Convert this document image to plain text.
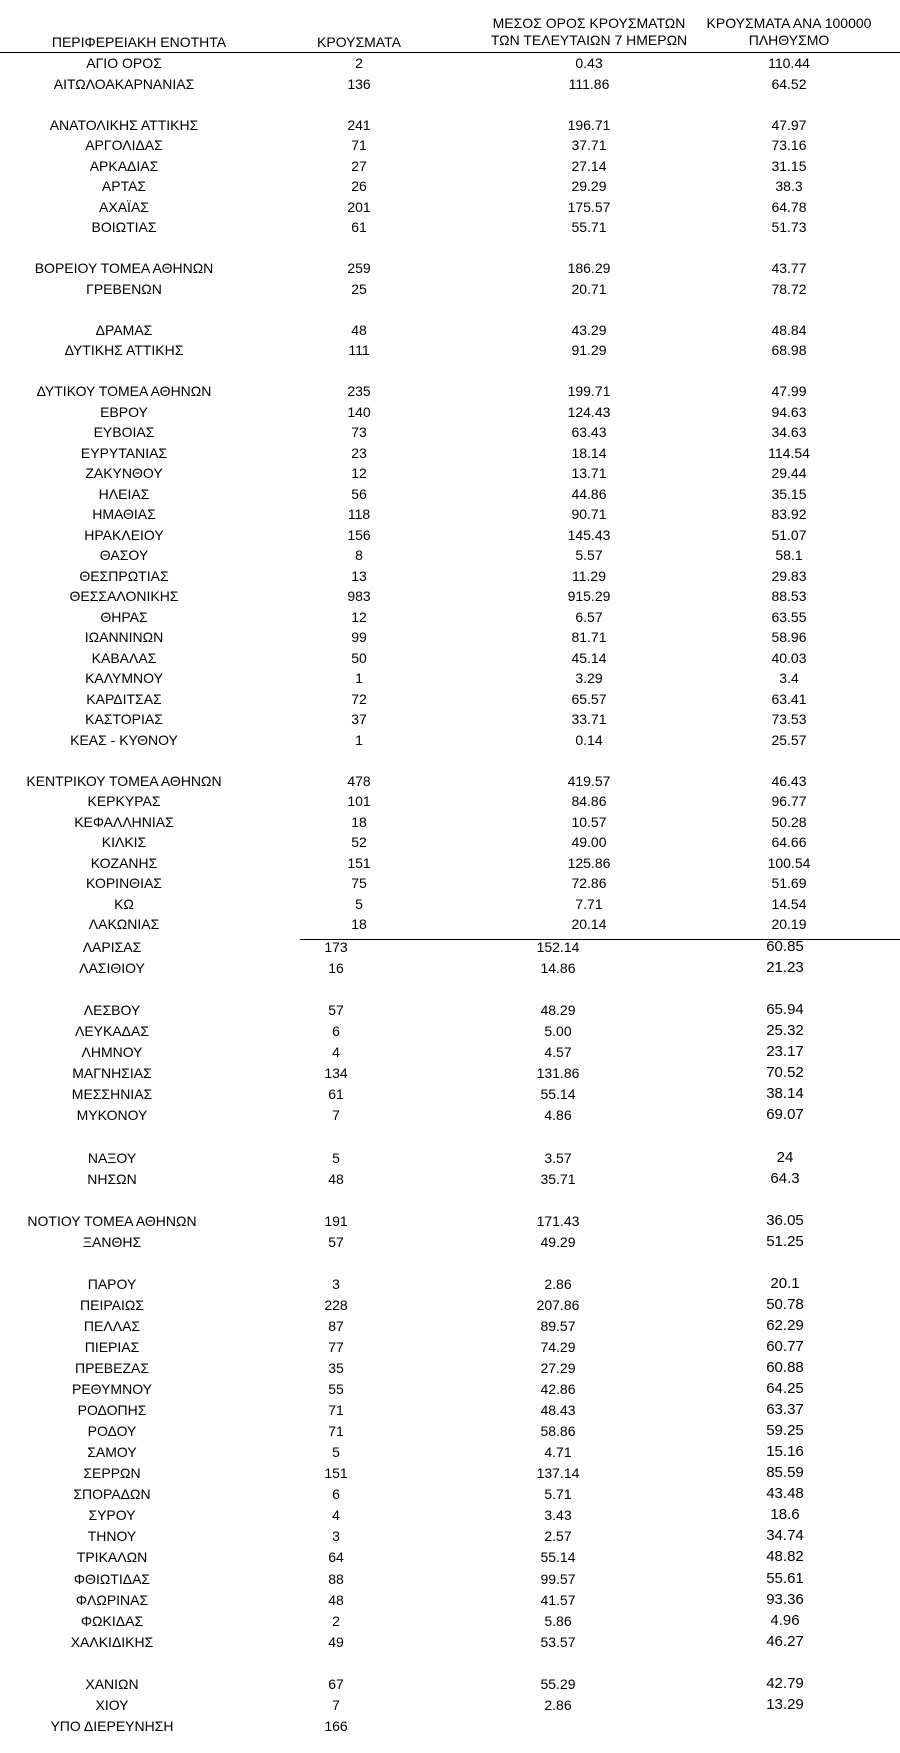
ΠΕΡΙΦΕΡΕΙΑΚΗ ΕΝΟΤΗΤΑ	ΚΡΟΥΣΜΑΤΑ
ΜΕΣΟΣ ΟΡΟΣ ΚΡΟΥΣΜΑΤΩΝ
ΤΩΝ ΤΕΛΕΥΤΑΙΩΝ 7 ΗΜΕΡΩΝ
ΚΡΟΥΣΜΑΤΑ ΑΝΑ 100000
ΠΛΗΘΥΣΜΟ
ΑΓΙΟ ΟΡΟΣ	2	0.43	110.44
ΑΙΤΩΛΟΑΚΑΡΝΑΝΙΑΣ	136	111.86	64.52
ΑΝΑΤΟΛΙΚΗΣ ΑΤΤΙΚΗΣ	241	196.71	47.97
ΑΡΓΟΛΙΔΑΣ	71	37.71	73.16
ΑΡΚΑΔΙΑΣ	27	27.14	31.15
ΑΡΤΑΣ	26	29.29	38.3
ΑΧΑΪΑΣ	201	175.57	64.78
ΒΟΙΩΤΙΑΣ	61	55.71	51.73
ΒΟΡΕΙΟΥ ΤΟΜΕΑ ΑΘΗΝΩΝ	259	186.29	43.77
ΓΡΕΒΕΝΩΝ	25	20.71	78.72
ΔΡΑΜΑΣ	48	43.29	48.84
ΔΥΤΙΚΗΣ ΑΤΤΙΚΗΣ	111	91.29	68.98
ΔΥΤΙΚΟΥ ΤΟΜΕΑ ΑΘΗΝΩΝ	235	199.71	47.99
ΕΒΡΟΥ	140	124.43	94.63
ΕΥΒΟΙΑΣ	73	63.43	34.63
ΕΥΡΥΤΑΝΙΑΣ	23	18.14	114.54
ΖΑΚΥΝΘΟΥ	12	13.71	29.44
ΗΛΕΙΑΣ	56	44.86	35.15
ΗΜΑΘΙΑΣ	118	90.71	83.92
ΗΡΑΚΛΕΙΟΥ	156	145.43	51.07
ΘΑΣΟΥ	8	5.57	58.1
ΘΕΣΠΡΩΤΙΑΣ	13	11.29	29.83
ΘΕΣΣΑΛΟΝΙΚΗΣ	983	915.29	88.53
ΘΗΡΑΣ	12	6.57	63.55
ΙΩΑΝΝΙΝΩΝ	99	81.71	58.96
ΚΑΒΑΛΑΣ	50	45.14	40.03
ΚΑΛΥΜΝΟΥ	1	3.29	3.4
ΚΑΡΔΙΤΣΑΣ	72	65.57	63.41
ΚΑΣΤΟΡΙΑΣ	37	33.71	73.53
ΚΕΑΣ - ΚΥΘΝΟΥ	1	0.14	25.57
ΚΕΝΤΡΙΚΟΥ ΤΟΜΕΑ ΑΘΗΝΩΝ	478	419.57	46.43
ΚΕΡΚΥΡΑΣ	101	84.86	96.77
ΚΕΦΑΛΛΗΝΙΑΣ	18	10.57	50.28
ΚΙΛΚΙΣ	52	49.00	64.66
ΚΟΖΑΝΗΣ	151	125.86	100.54
ΚΟΡΙΝΘΙΑΣ	75	72.86	51.69
ΚΩ	5	7.71	14.54
ΛΑΚΩΝΙΑΣ	18	20.14	20.19
ΛΑΡΙΣΑΣ	173	152.14	60.85
ΛΑΣΙΘΙΟΥ	16	14.86	21.23
ΛΕΣΒΟΥ	57	48.29	65.94
ΛΕΥΚΑΔΑΣ	6	5.00	25.32
ΛΗΜΝΟΥ	4	4.57	23.17
ΜΑΓΝΗΣΙΑΣ	134	131.86	70.52
ΜΕΣΣΗΝΙΑΣ	61	55.14	38.14
ΜΥΚΟΝΟΥ	7	4.86	69.07
ΝΑΞΟΥ	5	3.57	24
ΝΗΣΩΝ	48	35.71	64.3
ΝΟΤΙΟΥ ΤΟΜΕΑ ΑΘΗΝΩΝ	191	171.43	36.05
ΞΑΝΘΗΣ	57	49.29	51.25
ΠΑΡΟΥ	3	2.86	20.1
ΠΕΙΡΑΙΩΣ	228	207.86	50.78
ΠΕΛΛΑΣ	87	89.57	62.29
ΠΙΕΡΙΑΣ	77	74.29	60.77
ΠΡΕΒΕΖΑΣ	35	27.29	60.88
ΡΕΘΥΜΝΟΥ	55	42.86	64.25
ΡΟΔΟΠΗΣ	71	48.43	63.37
ΡΟΔΟΥ	71	58.86	59.25
ΣΑΜΟΥ	5	4.71	15.16
ΣΕΡΡΩΝ	151	137.14	85.59
ΣΠΟΡΑΔΩΝ	6	5.71	43.48
ΣΥΡΟΥ	4	3.43	18.6
ΤΗΝΟΥ	3	2.57	34.74
ΤΡΙΚΑΛΩΝ	64	55.14	48.82
ΦΘΙΩΤΙΔΑΣ	88	99.57	55.61
ΦΛΩΡΙΝΑΣ	48	41.57	93.36
ΦΩΚΙΔΑΣ	2	5.86	4.96
ΧΑΛΚΙΔΙΚΗΣ	49	53.57	46.27
ΧΑΝΙΩΝ	67	55.29	42.79
ΧΙΟΥ	7	2.86	13.29
ΥΠΟ ΔΙΕΡΕΥΝΗΣΗ	166
